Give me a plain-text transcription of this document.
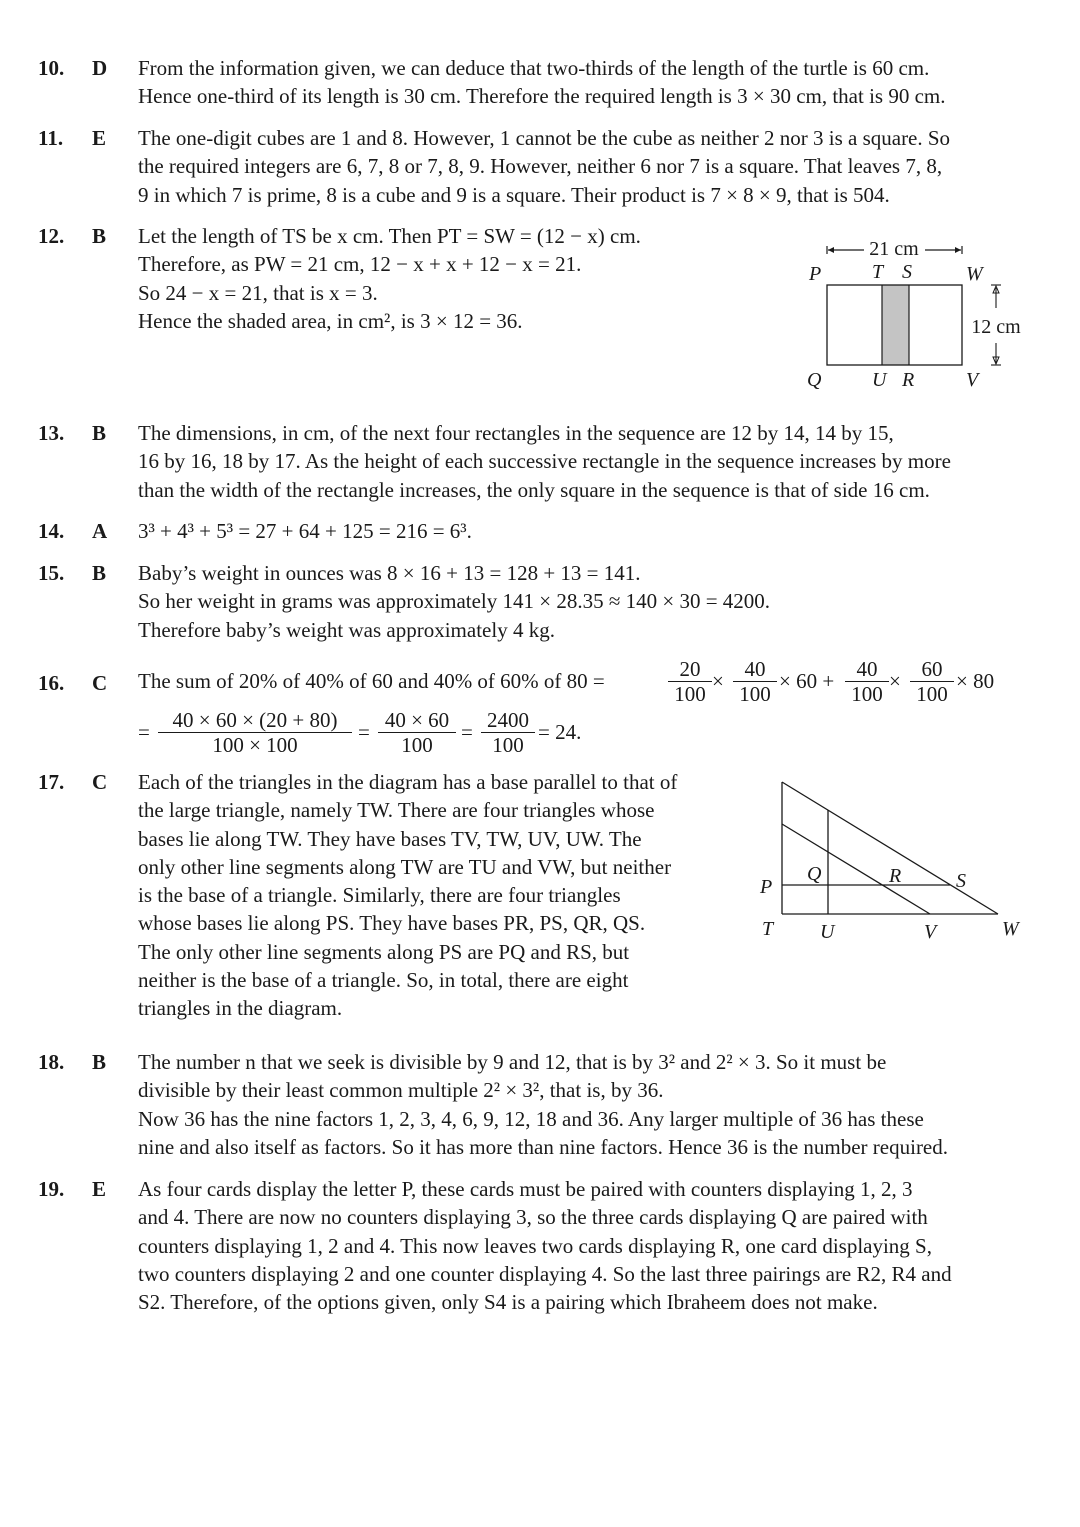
10. D From the information given, we can deduce that two-thirds of the length of the turtle is 60 cm.
Hence one-third of its length is 30 cm. Therefore the required length is 3 × 30 cm, that is 90 cm.
11. E The one-digit cubes are 1 and 8. However, 1 cannot be the cube as neither 2 nor 3 is a square. So
the required integers are 6, 7, 8 or 7, 8, 9. However, neither 6 nor 7 is a square. That leaves 7, 8,
9 in which 7 is prime, 8 is a cube and 9 is a square. Their product is 7 × 8 × 9, that is 504.
12. B Let the length of TS be x cm. Then PT = SW = (12 − x) cm.
Therefore, as PW = 21 cm, 12 − x + x + 12 − x = 21.
So 24 − x = 21, that is x = 3.
Hence the shaded area, in cm², is 3 × 12 = 36.
21 cm
12 cm
P	T S	W
Q	U R	V
13. B The dimensions, in cm, of the next four rectangles in the sequence are 12 by 14, 14 by 15,
16 by 16, 18 by 17. As the height of each successive rectangle in the sequence increases by more
than the width of the rectangle increases, the only square in the sequence is that of side 16 cm.
14. A 3³ + 4³ + 5³ = 27 + 64 + 125 = 216 = 6³.
15. B Baby’s weight in ounces was 8 × 16 + 13 = 128 + 13 = 141.
So her weight in grams was approximately 141 × 28.35 ≈ 140 × 30 = 4200.
Therefore baby’s weight was approximately 4 kg.
16. C The sum of 20% of 40% of 60 and 40% of 60% of 80 =	$\frac{20}{100} \times \frac{40}{100} \times 60 + \frac{40}{100} \times \frac{60}{100} \times 80$
= $\frac{40 \times 60 \times (20 + 80)}{100 \times 100} = \frac{40 \times 60}{100} = \frac{2400}{100} = 24$.
17. C Each of the triangles in the diagram has a base parallel to that of
the large triangle, namely TW. There are four triangles whose
bases lie along TW. They have bases TV, TW, UV, UW. The
only other line segments along TW are TU and VW, but neither
is the base of a triangle. Similarly, there are four triangles
whose bases lie along PS. They have bases PR, PS, QR, QS.
The only other line segments along PS are PQ and RS, but
neither is the base of a triangle. So, in total, there are eight
triangles in the diagram.
P
T
Q
U
R
V
S
W
18. B The number n that we seek is divisible by 9 and 12, that is by 3² and 2² × 3. So it must be
divisible by their least common multiple 2² × 3², that is, by 36.
Now 36 has the nine factors 1, 2, 3, 4, 6, 9, 12, 18 and 36. Any larger multiple of 36 has these
nine and also itself as factors. So it has more than nine factors. Hence 36 is the number required.
19. E As four cards display the letter P, these cards must be paired with counters displaying 1, 2, 3
and 4. There are now no counters displaying 3, so the three cards displaying Q are paired with
counters displaying 1, 2 and 4. This now leaves two cards displaying R, one card displaying S,
two counters displaying 2 and one counter displaying 4. So the last three pairings are R2, R4 and
S2. Therefore, of the options given, only S4 is a pairing which Ibraheem does not make.
